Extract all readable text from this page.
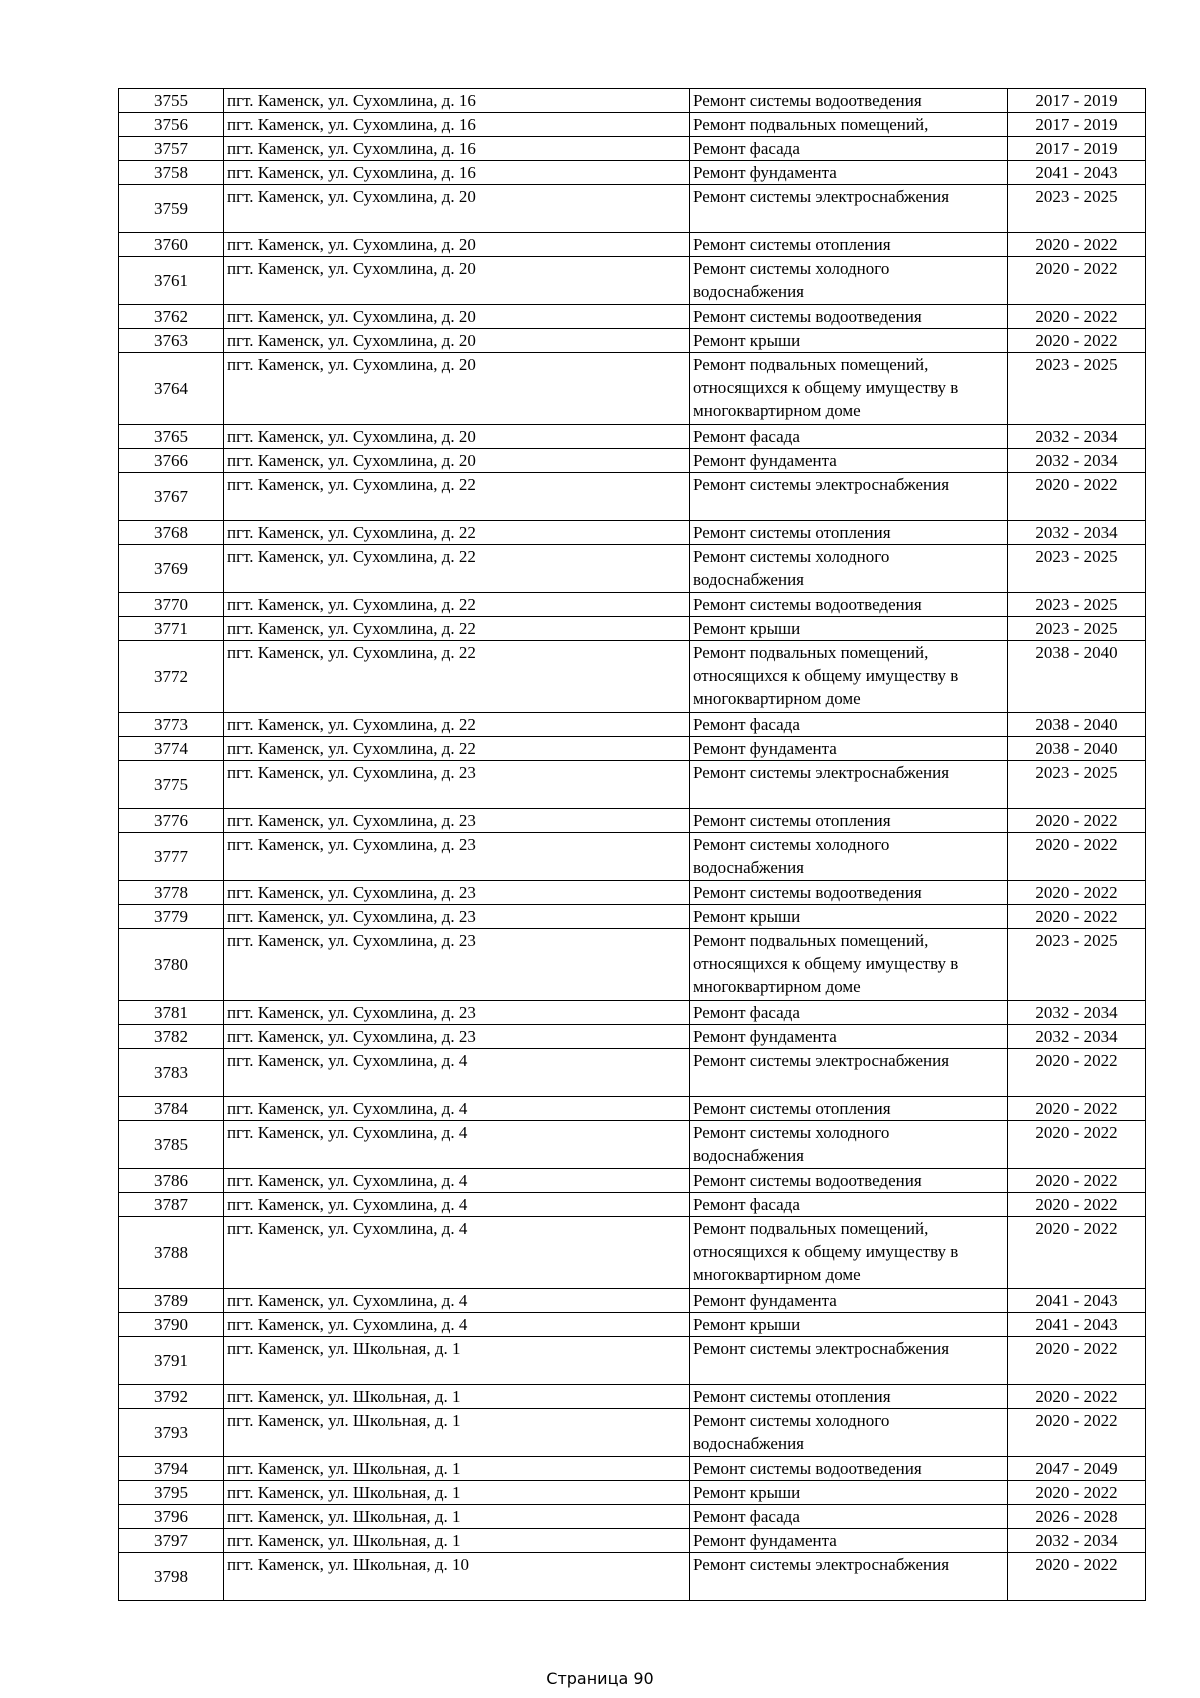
3755	пгт. Каменск, ул. Сухомлина, д. 16	Ремонт системы водоотведения	2017 - 2019
3756	пгт. Каменск, ул. Сухомлина, д. 16	Ремонт подвальных помещений,	2017 - 2019
3757	пгт. Каменск, ул. Сухомлина, д. 16	Ремонт фасада	2017 - 2019
3758	пгт. Каменск, ул. Сухомлина, д. 16	Ремонт фундамента	2041 - 2043
3759	пгт. Каменск, ул. Сухомлина, д. 20	Ремонт системы электроснабжения	2023 - 2025
3760	пгт. Каменск, ул. Сухомлина, д. 20	Ремонт системы отопления	2020 - 2022
3761	пгт. Каменск, ул. Сухомлина, д. 20	Ремонт системы холодного водоснабжения	2020 - 2022
3762	пгт. Каменск, ул. Сухомлина, д. 20	Ремонт системы водоотведения	2020 - 2022
3763	пгт. Каменск, ул. Сухомлина, д. 20	Ремонт крыши	2020 - 2022
3764	пгт. Каменск, ул. Сухомлина, д. 20	Ремонт подвальных помещений, относящихся к общему имуществу в многоквартирном доме	2023 - 2025
3765	пгт. Каменск, ул. Сухомлина, д. 20	Ремонт фасада	2032 - 2034
3766	пгт. Каменск, ул. Сухомлина, д. 20	Ремонт фундамента	2032 - 2034
3767	пгт. Каменск, ул. Сухомлина, д. 22	Ремонт системы электроснабжения	2020 - 2022
3768	пгт. Каменск, ул. Сухомлина, д. 22	Ремонт системы отопления	2032 - 2034
3769	пгт. Каменск, ул. Сухомлина, д. 22	Ремонт системы холодного водоснабжения	2023 - 2025
3770	пгт. Каменск, ул. Сухомлина, д. 22	Ремонт системы водоотведения	2023 - 2025
3771	пгт. Каменск, ул. Сухомлина, д. 22	Ремонт крыши	2023 - 2025
3772	пгт. Каменск, ул. Сухомлина, д. 22	Ремонт подвальных помещений, относящихся к общему имуществу в многоквартирном доме	2038 - 2040
3773	пгт. Каменск, ул. Сухомлина, д. 22	Ремонт фасада	2038 - 2040
3774	пгт. Каменск, ул. Сухомлина, д. 22	Ремонт фундамента	2038 - 2040
3775	пгт. Каменск, ул. Сухомлина, д. 23	Ремонт системы электроснабжения	2023 - 2025
3776	пгт. Каменск, ул. Сухомлина, д. 23	Ремонт системы отопления	2020 - 2022
3777	пгт. Каменск, ул. Сухомлина, д. 23	Ремонт системы холодного водоснабжения	2020 - 2022
3778	пгт. Каменск, ул. Сухомлина, д. 23	Ремонт системы водоотведения	2020 - 2022
3779	пгт. Каменск, ул. Сухомлина, д. 23	Ремонт крыши	2020 - 2022
3780	пгт. Каменск, ул. Сухомлина, д. 23	Ремонт подвальных помещений, относящихся к общему имуществу в многоквартирном доме	2023 - 2025
3781	пгт. Каменск, ул. Сухомлина, д. 23	Ремонт фасада	2032 - 2034
3782	пгт. Каменск, ул. Сухомлина, д. 23	Ремонт фундамента	2032 - 2034
3783	пгт. Каменск, ул. Сухомлина, д. 4	Ремонт системы электроснабжения	2020 - 2022
3784	пгт. Каменск, ул. Сухомлина, д. 4	Ремонт системы отопления	2020 - 2022
3785	пгт. Каменск, ул. Сухомлина, д. 4	Ремонт системы холодного водоснабжения	2020 - 2022
3786	пгт. Каменск, ул. Сухомлина, д. 4	Ремонт системы водоотведения	2020 - 2022
3787	пгт. Каменск, ул. Сухомлина, д. 4	Ремонт фасада	2020 - 2022
3788	пгт. Каменск, ул. Сухомлина, д. 4	Ремонт подвальных помещений, относящихся к общему имуществу в многоквартирном доме	2020 - 2022
3789	пгт. Каменск, ул. Сухомлина, д. 4	Ремонт фундамента	2041 - 2043
3790	пгт. Каменск, ул. Сухомлина, д. 4	Ремонт крыши	2041 - 2043
3791	пгт. Каменск, ул. Школьная, д. 1	Ремонт системы электроснабжения	2020 - 2022
3792	пгт. Каменск, ул. Школьная, д. 1	Ремонт системы отопления	2020 - 2022
3793	пгт. Каменск, ул. Школьная, д. 1	Ремонт системы холодного водоснабжения	2020 - 2022
3794	пгт. Каменск, ул. Школьная, д. 1	Ремонт системы водоотведения	2047 - 2049
3795	пгт. Каменск, ул. Школьная, д. 1	Ремонт крыши	2020 - 2022
3796	пгт. Каменск, ул. Школьная, д. 1	Ремонт фасада	2026 - 2028
3797	пгт. Каменск, ул. Школьная, д. 1	Ремонт фундамента	2032 - 2034
3798	пгт. Каменск, ул. Школьная, д. 10	Ремонт системы электроснабжения	2020 - 2022
Страница 90
